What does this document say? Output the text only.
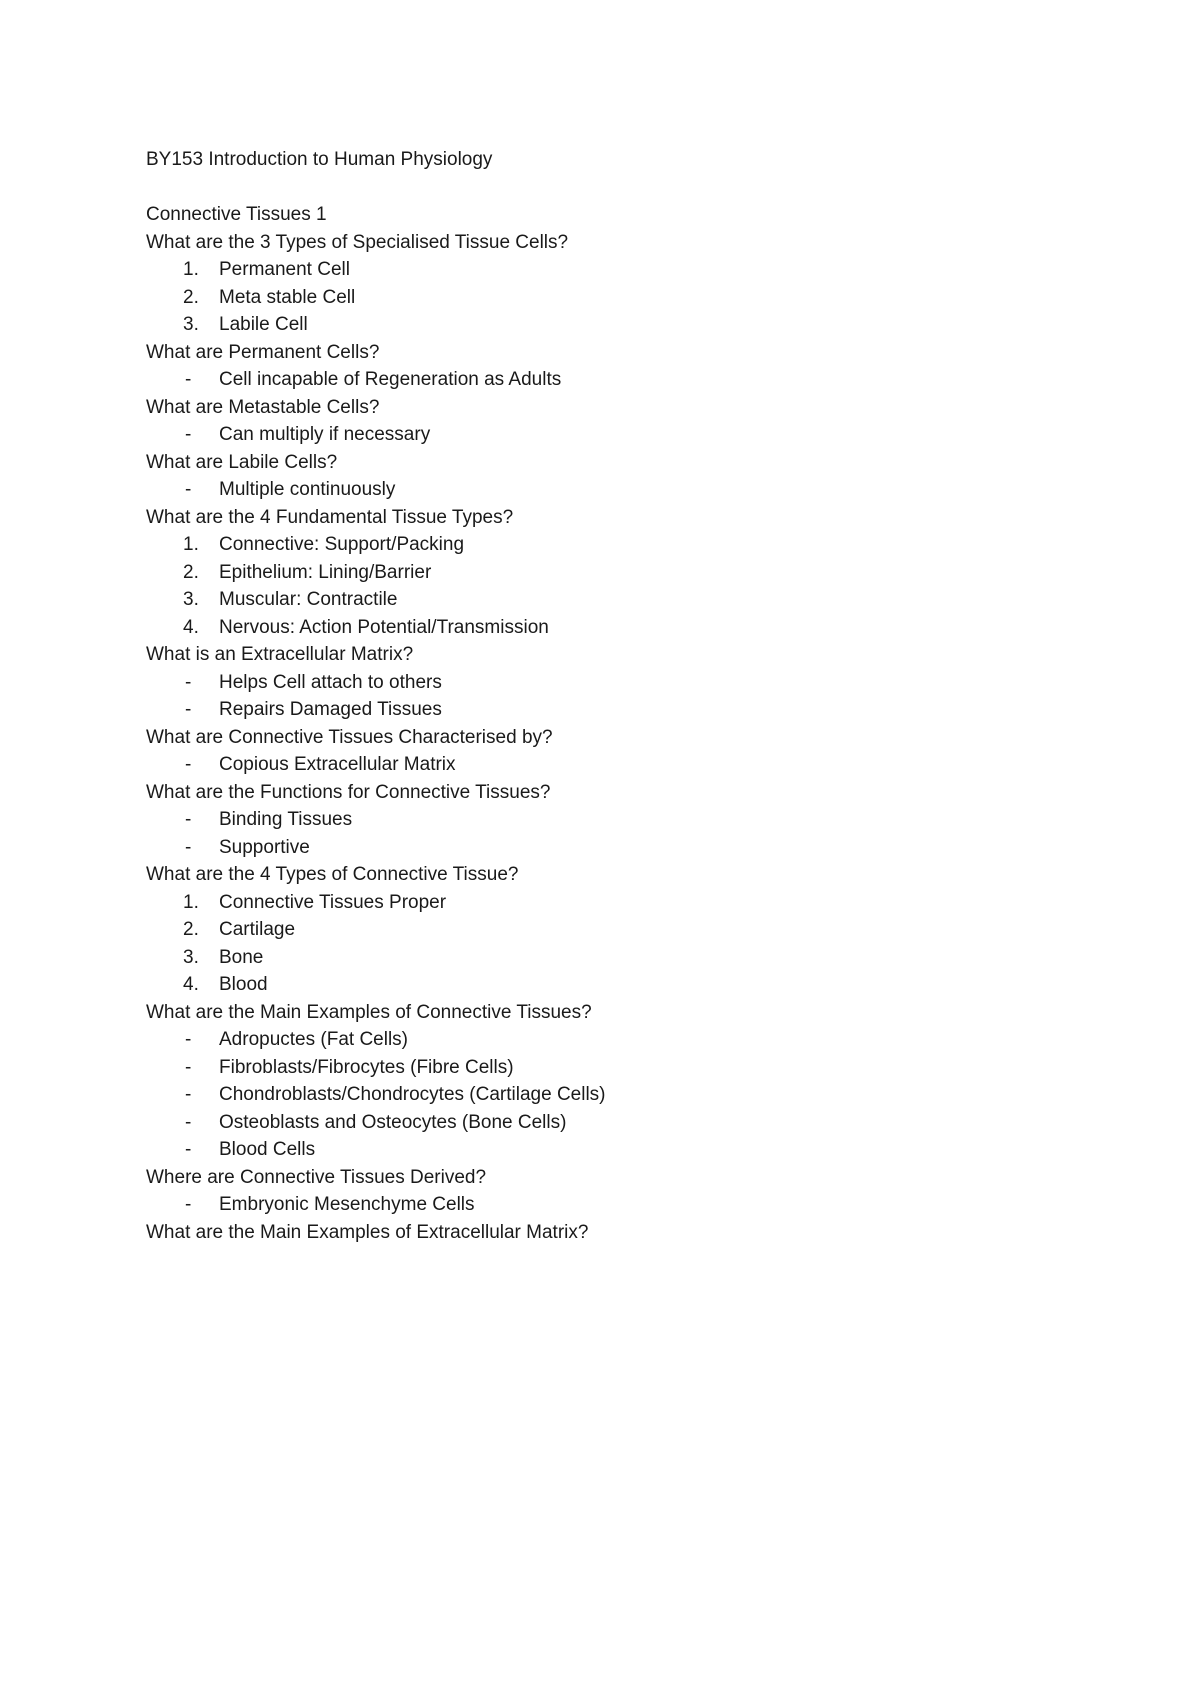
BY153 Introduction to Human Physiology

Connective Tissues 1

What are the 3 Types of Specialised Tissue Cells?

1.	Permanent Cell
2.	Meta stable Cell
3.	Labile Cell

What are Permanent Cells?

-	Cell incapable of Regeneration as Adults

What are Metastable Cells?

-	Can multiply if necessary

What are Labile Cells?

-	Multiple continuously

What are the 4 Fundamental Tissue Types?

1.	Connective: Support/Packing
2.	Epithelium: Lining/Barrier
3.	Muscular: Contractile
4.	Nervous: Action Potential/Transmission

What is an Extracellular Matrix?

-	Helps Cell attach to others
-	Repairs Damaged Tissues

What are Connective Tissues Characterised by?

-	Copious Extracellular Matrix

What are the Functions for Connective Tissues?

-	Binding Tissues
-	Supportive

What are the 4 Types of Connective Tissue?

1.	Connective Tissues Proper
2.	Cartilage
3.	Bone
4.	Blood

What are the Main Examples of Connective Tissues?

-	Adropuctes (Fat Cells)
-	Fibroblasts/Fibrocytes (Fibre Cells)
-	Chondroblasts/Chondrocytes (Cartilage Cells)
-	Osteoblasts and Osteocytes (Bone Cells)
-	Blood Cells

Where are Connective Tissues Derived?

-	Embryonic Mesenchyme Cells

What are the Main Examples of Extracellular Matrix?
